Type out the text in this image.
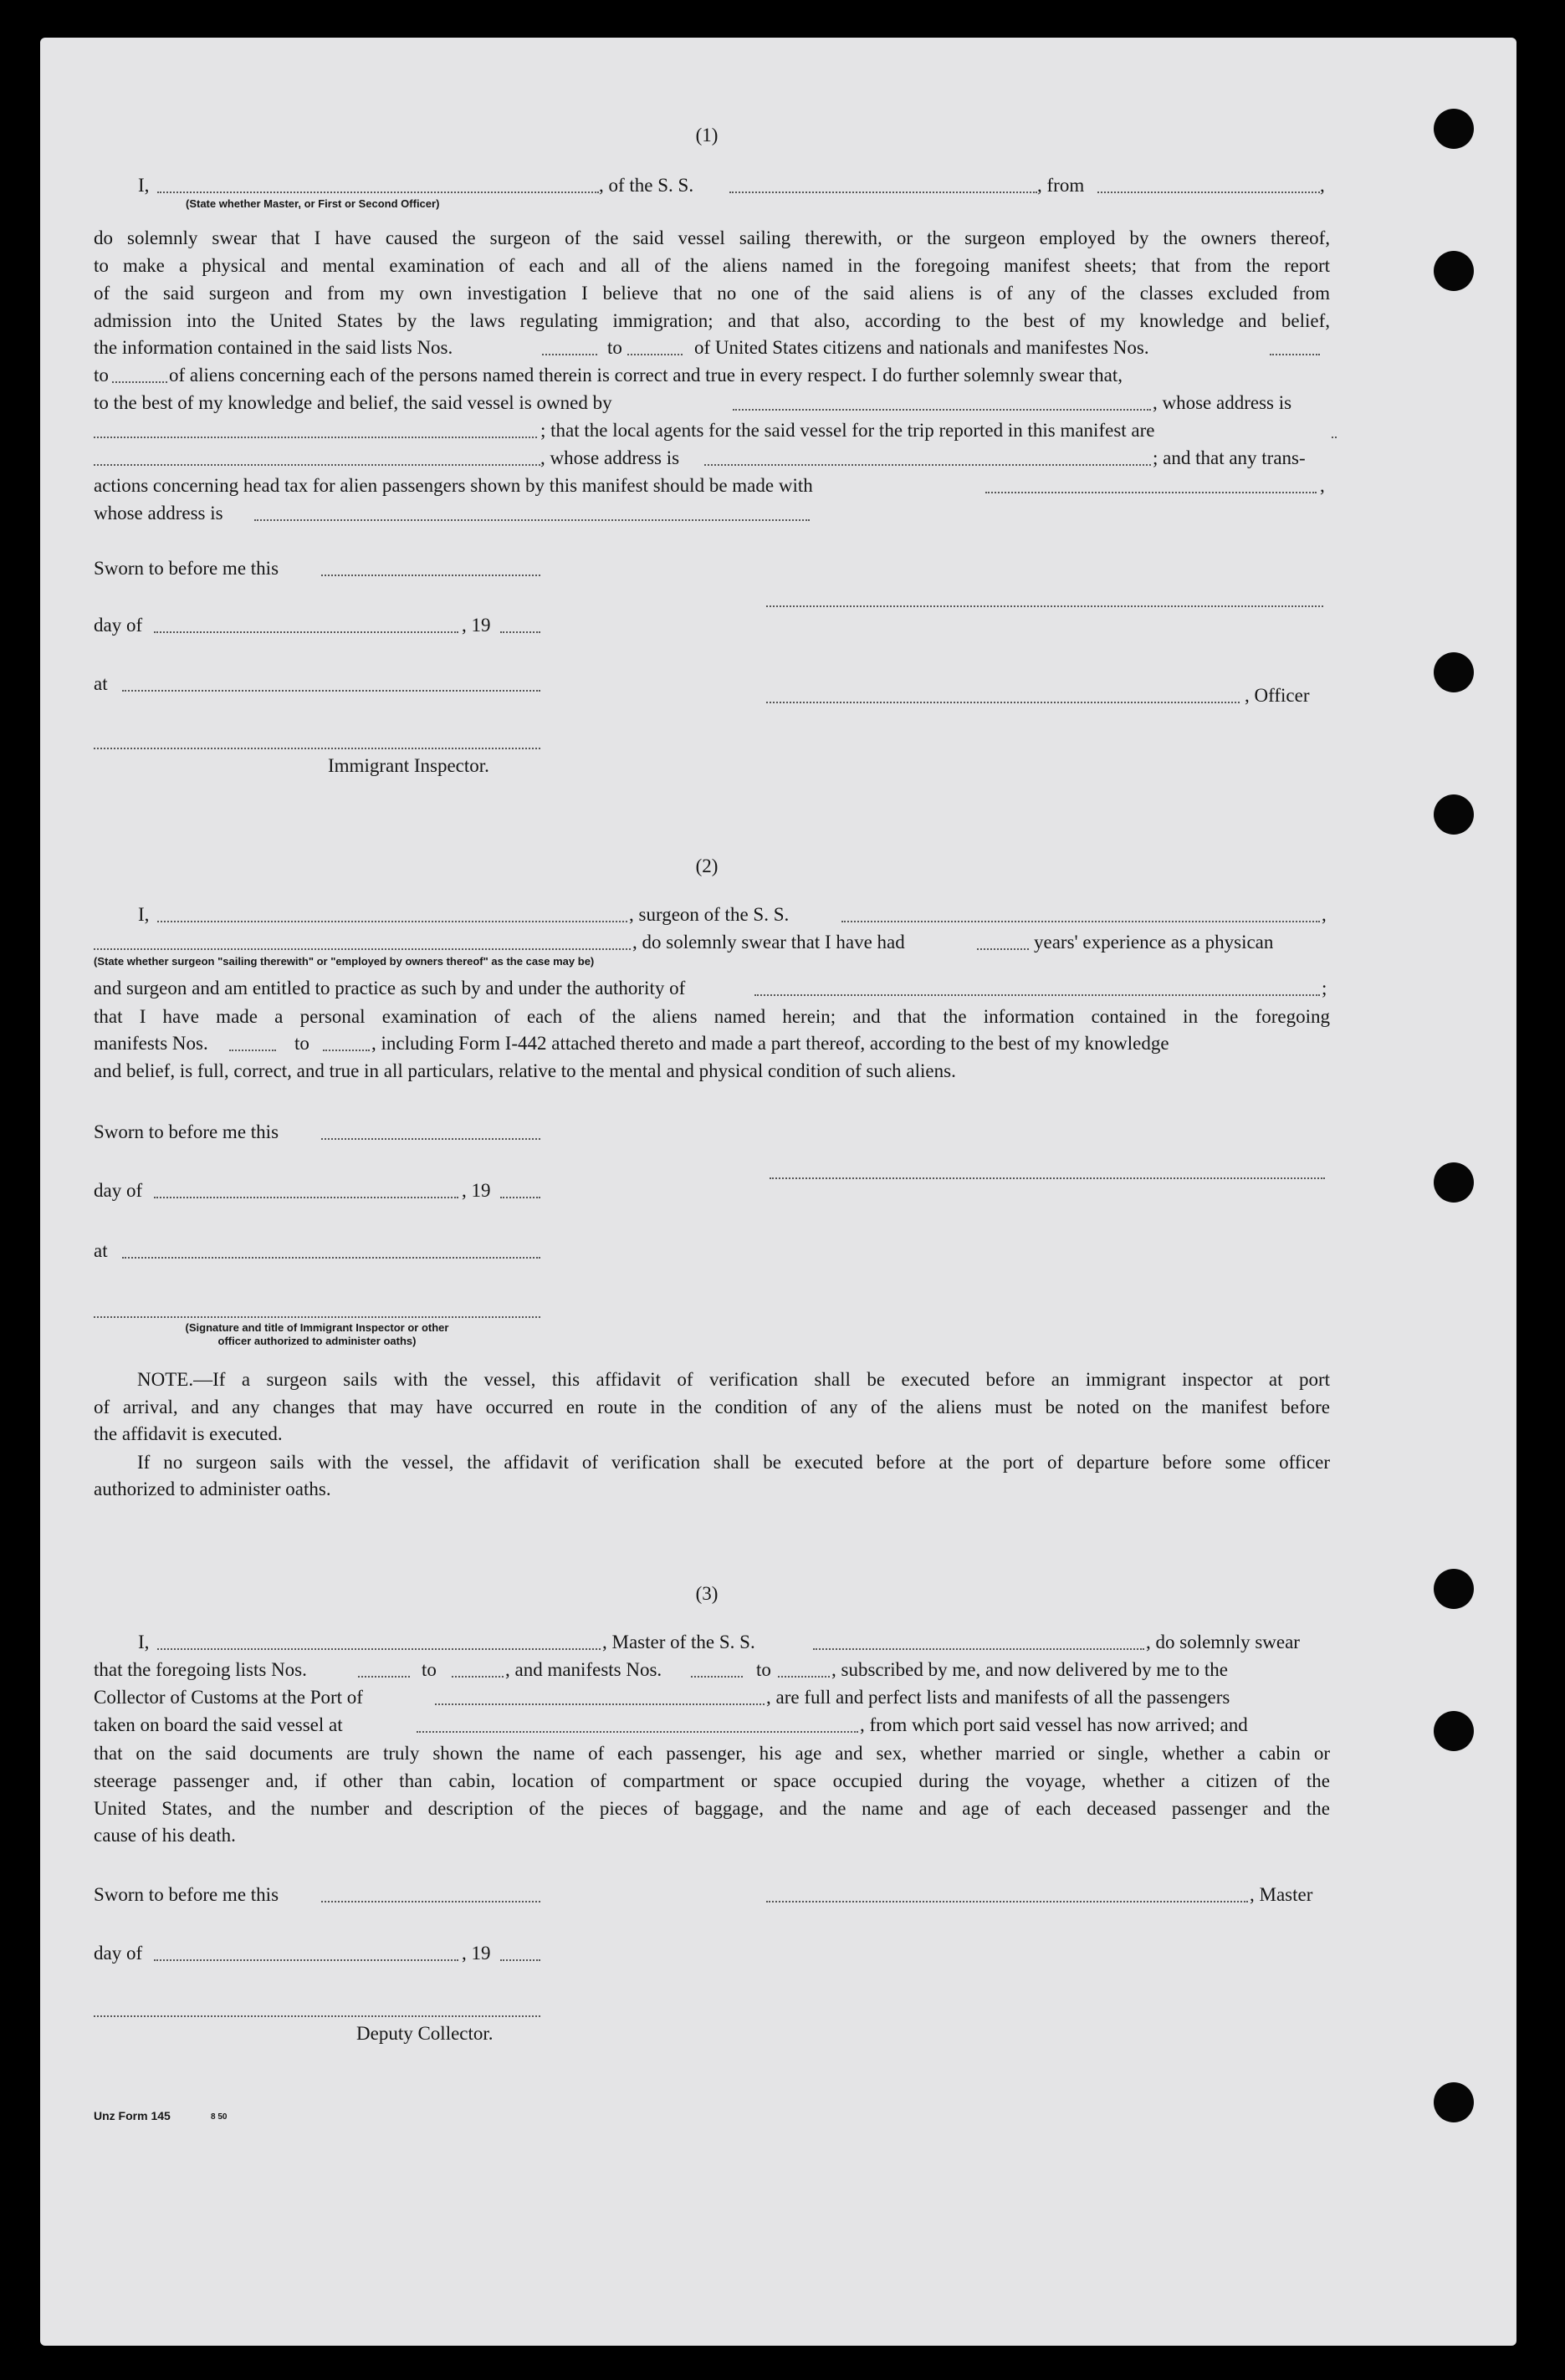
(1)
I,	, of the S. S.	, from	,
(State whether Master, or First or Second Officer)
do solemnly swear that I have caused the surgeon of the said vessel sailing therewith, or the surgeon employed by the owners thereof,
to make a physical and mental examination of each and all of the aliens named in the foregoing manifest sheets; that from the report
of the said surgeon and from my own investigation I believe that no one of the said aliens is of any of the classes excluded from
admission into the United States by the laws regulating immigration; and that also, according to the best of my knowledge and belief,
the information contained in the said lists Nos.	to	of United States citizens and nationals and manifestes Nos.
to	of aliens concerning each of the persons named therein is correct and true in every respect. I do further solemnly swear that,
to the best of my knowledge and belief, the said vessel is owned by	, whose address is
; that the local agents for the said vessel for the trip reported in this manifest are
, whose address is	; and that any trans-
actions concerning head tax for alien passengers shown by this manifest should be made with	,
whose address is
Sworn to before me this
day of	, 19
at
, Officer
Immigrant Inspector.
(2)
I,	, surgeon of the S. S.	,
, do solemnly swear that I have had	years' experience as a physican
(State whether surgeon "sailing therewith" or "employed by owners thereof" as the case may be)
and surgeon and am entitled to practice as such by and under the authority of	;
that I have made a personal examination of each of the aliens named herein; and that the information contained in the foregoing
manifests Nos.	to	, including Form I-442 attached thereto and made a part thereof, according to the best of my knowledge
and belief, is full, correct, and true in all particulars, relative to the mental and physical condition of such aliens.
Sworn to before me this
day of	, 19
at
(Signature and title of Immigrant Inspector or other
officer authorized to administer oaths)
NOTE.—If a surgeon sails with the vessel, this affidavit of verification shall be executed before an immigrant inspector at port
of arrival, and any changes that may have occurred en route in the condition of any of the aliens must be noted on the manifest before
the affidavit is executed.
If no surgeon sails with the vessel, the affidavit of verification shall be executed before at the port of departure before some officer
authorized to administer oaths.
(3)
I,	, Master of the S. S.	, do solemnly swear
that the foregoing lists Nos.	to	, and manifests Nos.	to	, subscribed by me, and now delivered by me to the
Collector of Customs at the Port of	, are full and perfect lists and manifests of all the passengers
taken on board the said vessel at	, from which port said vessel has now arrived; and
that on the said documents are truly shown the name of each passenger, his age and sex, whether married or single, whether a cabin or
steerage passenger and, if other than cabin, location of compartment or space occupied during the voyage, whether a citizen of the
United States, and the number and description of the pieces of baggage, and the name and age of each deceased passenger and the
cause of his death.
Sworn to before me this	, Master
day of	, 19
Deputy Collector.
Unz Form 145	8 50
